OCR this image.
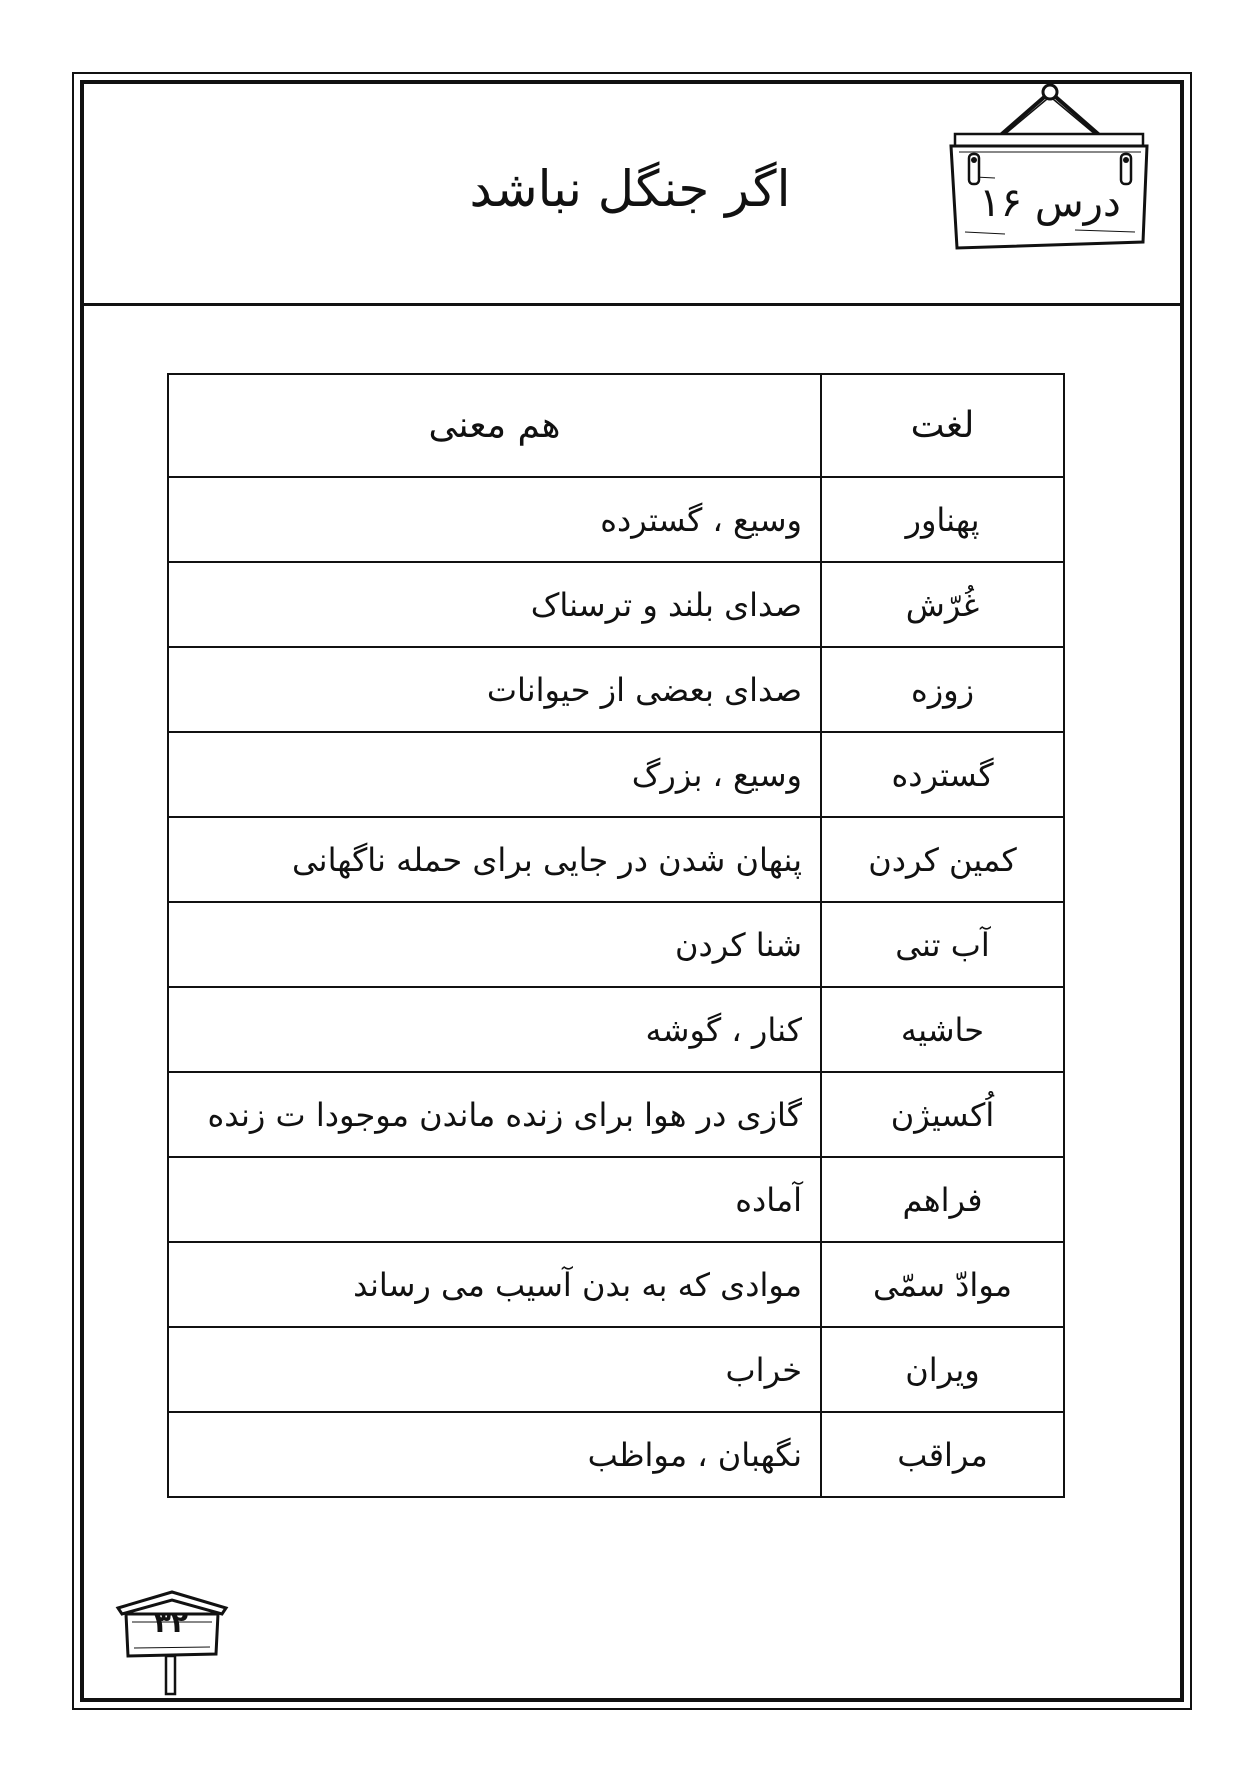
درس ۱۶
اگر جنگل نباشد
لغت	هم معنی
پهناور	وسیع ، گسترده
غُرّش	صدای بلند و ترسناک
زوزه	صدای بعضی از حیوانات
گسترده	وسیع ، بزرگ
کمین کردن	پنهان شدن در جایی برای حمله ناگهانی
آب تنی	شنا کردن
حاشیه	کنار ، گوشه
اُکسیژن	گازی در هوا برای زنده ماندن موجودا ت زنده
فراهم	آماده
موادّ سمّی	موادی که به بدن آسیب می رساند
ویران	خراب
مراقب	نگهبان ، مواظب
۳۲
